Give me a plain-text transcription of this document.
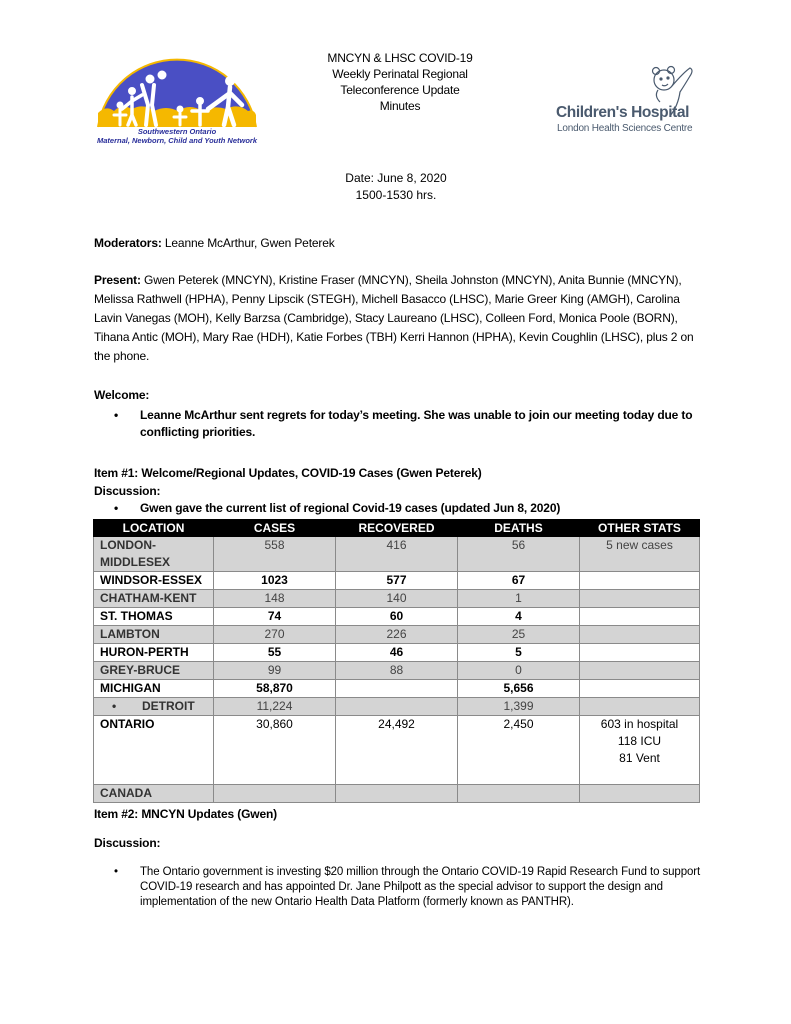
Southwestern Ontario
Maternal, Newborn, Child and Youth Network
MNCYN & LHSC COVID-19
Weekly Perinatal Regional
Teleconference Update
Minutes	Children's Hospital
London Health Sciences Centre
Date: June 8, 2020
1500-1530 hrs.
Moderators: Leanne McArthur, Gwen Peterek
Present: Gwen Peterek (MNCYN), Kristine Fraser (MNCYN), Sheila Johnston (MNCYN), Anita Bunnie (MNCYN), Melissa Rathwell (HPHA), Penny Lipscik (STEGH), Michell Basacco (LHSC), Marie Greer King (AMGH), Carolina Lavin Vanegas (MOH), Kelly Barzsa (Cambridge), Stacy Laureano (LHSC), Colleen Ford, Monica Poole (BORN), Tihana Antic (MOH), Mary Rae (HDH), Katie Forbes (TBH) Kerri Hannon (HPHA), Kevin Coughlin (LHSC), plus 2 on the phone.
Welcome:
• Leanne McArthur sent regrets for today’s meeting. She was unable to join our meeting today due to conflicting priorities.
Item #1: Welcome/Regional Updates, COVID-19 Cases (Gwen Peterek)
Discussion:
• Gwen gave the current list of regional Covid-19 cases (updated Jun 8, 2020)
LOCATION	CASES	RECOVERED	DEATHS	OTHER STATS

LONDON-MIDDLESEX	558	416	56	5 new cases
WINDSOR-ESSEX	1023	577	67	
CHATHAM-KENT	148	140	1	
ST. THOMAS	74	60	4	
LAMBTON	270	226	25	
HURON-PERTH	55	46	5	
GREY-BRUCE	99	88	0	
MICHIGAN	58,870		5,656	
• DETROIT	11,224		1,399	
ONTARIO	30,860	24,492	2,450	603 in hospital
118 ICU
81 Vent

CANADA				
Item #2: MNCYN Updates (Gwen)
Discussion:
• The Ontario government is investing $20 million through the Ontario COVID-19 Rapid Research Fund to support COVID-19 research and has appointed Dr. Jane Philpott as the special advisor to support the design and implementation of the new Ontario Health Data Platform (formerly known as PANTHR).
